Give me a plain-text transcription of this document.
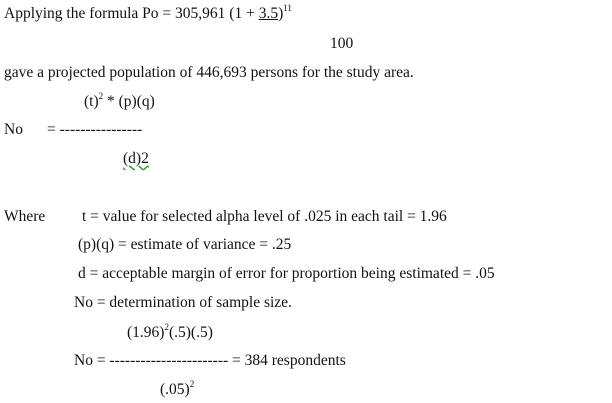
Applying the formula Po = 305,961 $(1 + 3.5)^{11}$
100
gave a projected population of 446,693 persons for the study area.
$(t)^2 * (p)(q)$
No = ----------------
(d)2
Where t = value for selected alpha level of .025 in each tail = 1.96
(p)(q) = estimate of variance = .25
d = acceptable margin of error for proportion being estimated = .05
No = determination of sample size.
$(1.96)^2(.5)(.5)$
No = ----------------------- = 384 respondents
$(.05)^2$
